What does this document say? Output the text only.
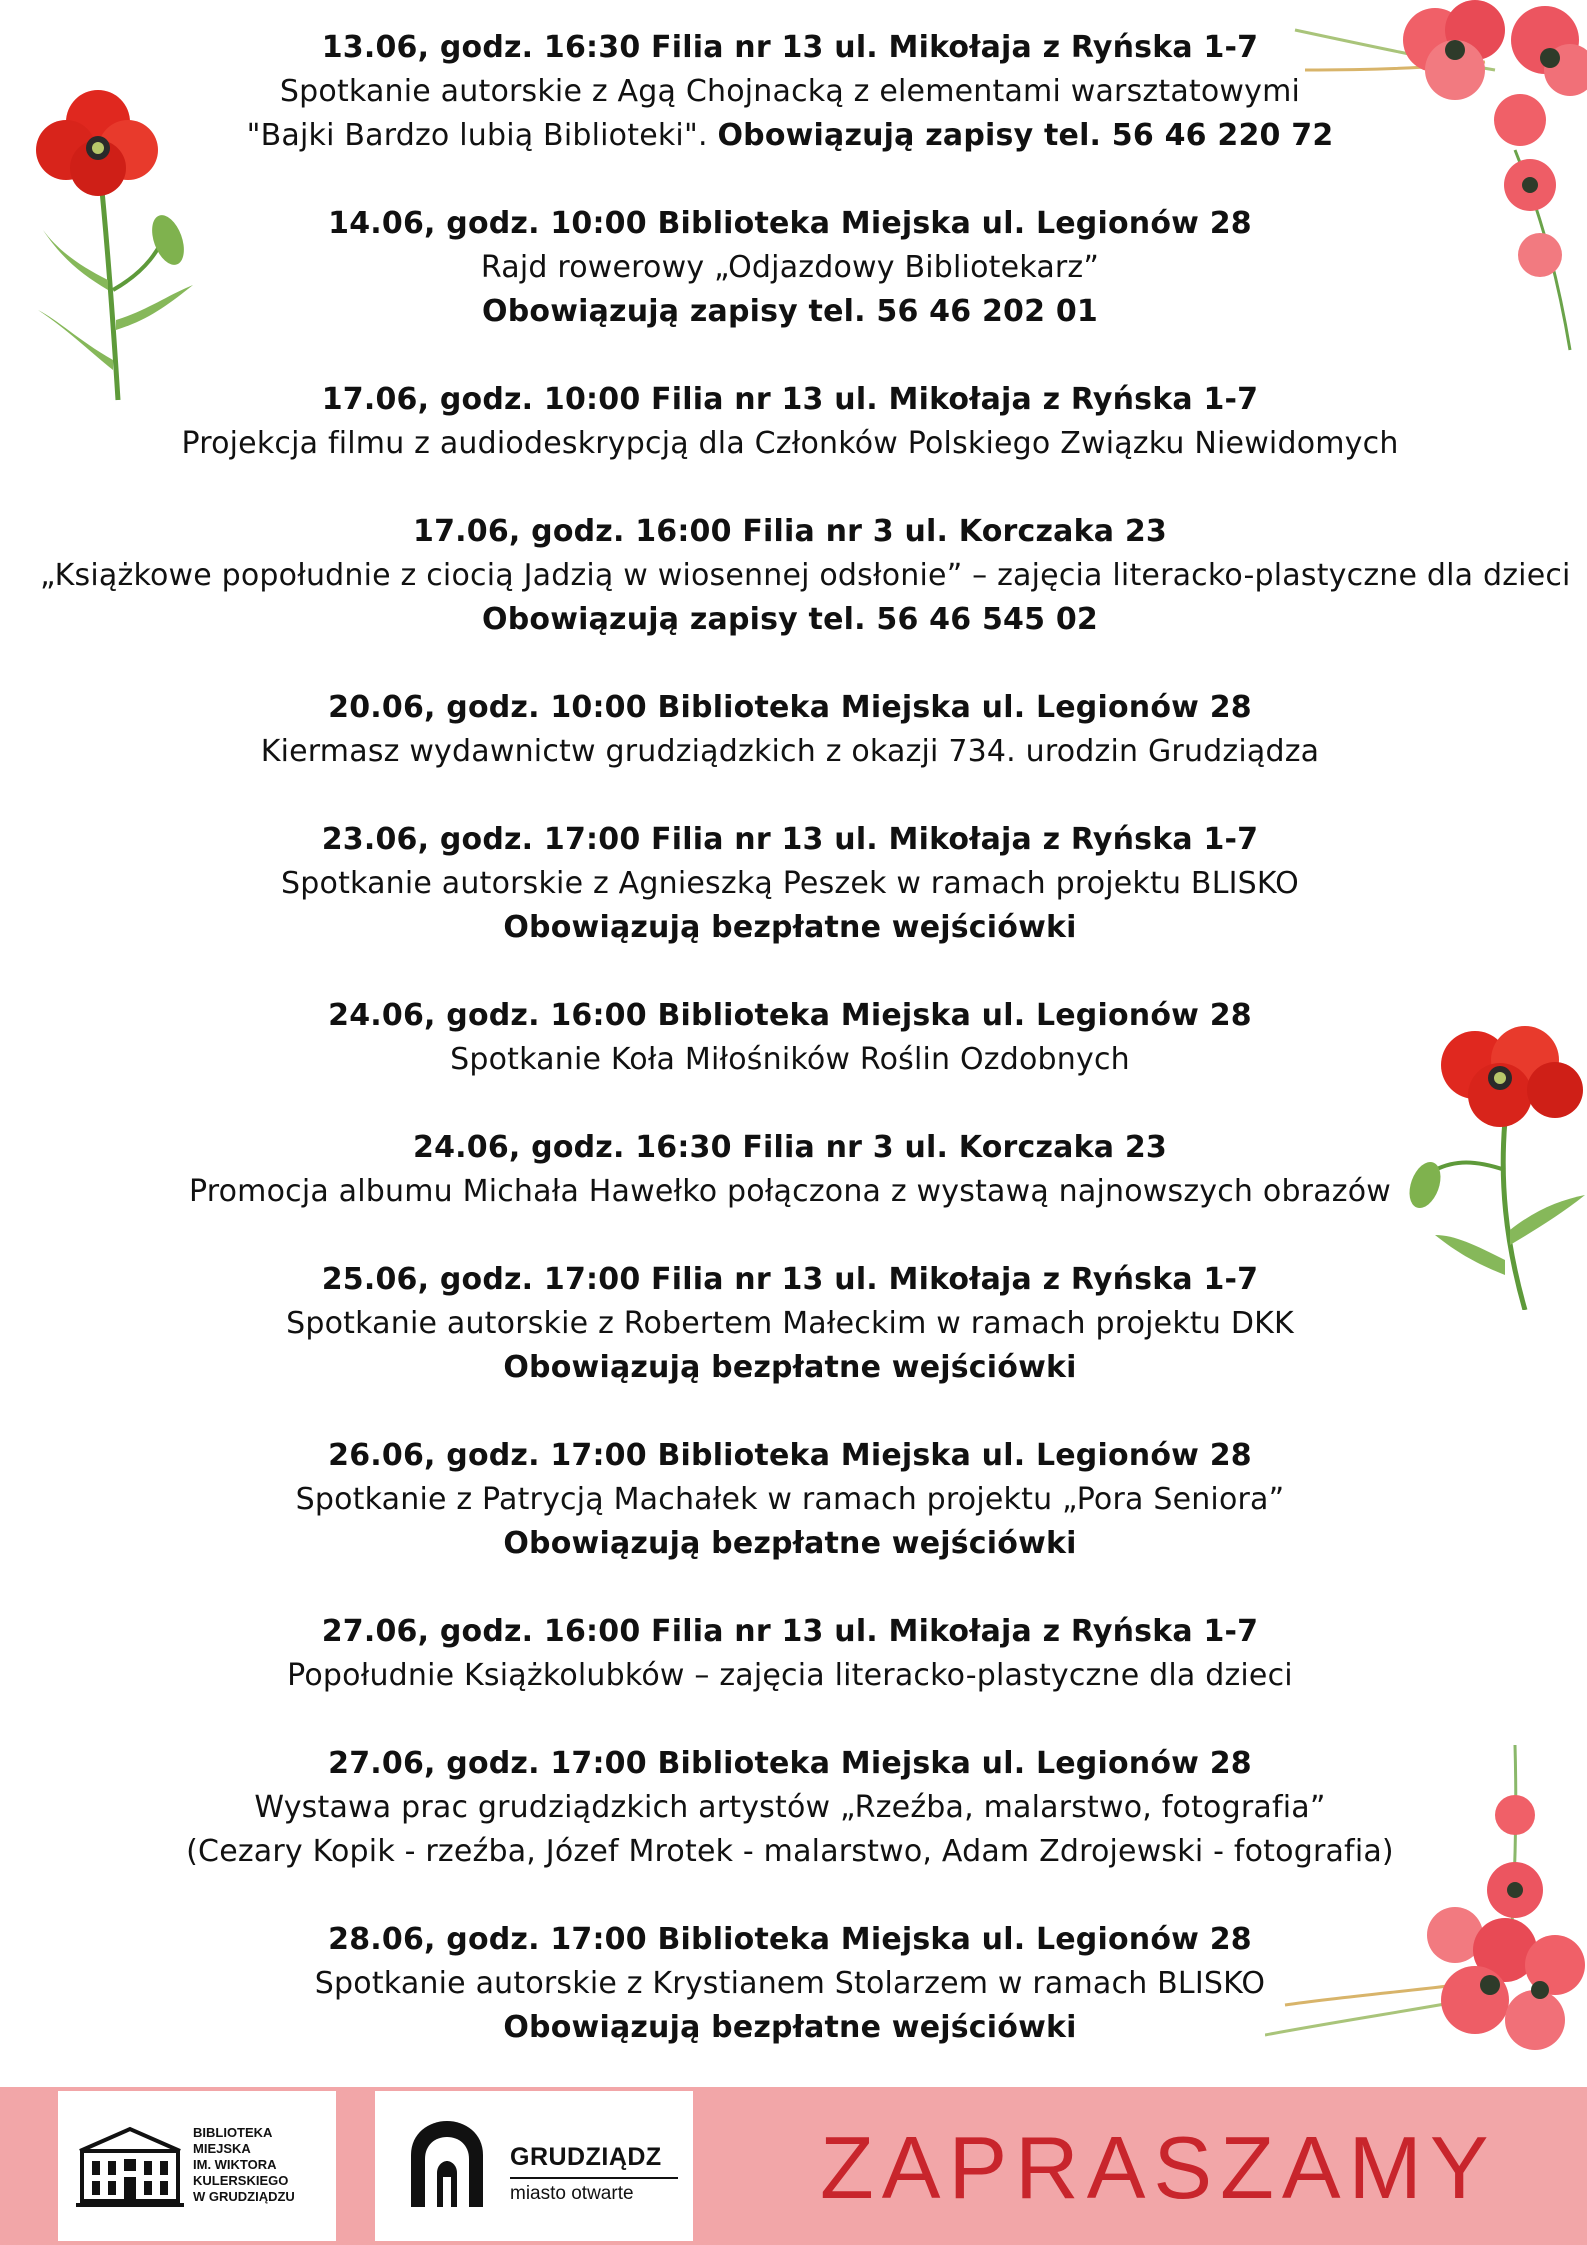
13.06, godz. 16:30 Filia nr 13 ul. Mikołaja z Ryńska 1-7

Spotkanie autorskie z Agą Chojnacką z elementami warsztatowymi

"Bajki Bardzo lubią Biblioteki". Obowiązują zapisy tel. 56 46 220 72

14.06, godz. 10:00 Biblioteka Miejska ul. Legionów 28

Rajd rowerowy „Odjazdowy Bibliotekarz”

Obowiązują zapisy tel. 56 46 202 01

17.06, godz. 10:00 Filia nr 13 ul. Mikołaja z Ryńska 1-7

Projekcja filmu z audiodeskrypcją dla Członków Polskiego Związku Niewidomych

17.06, godz. 16:00 Filia nr 3 ul. Korczaka 23

„Książkowe popołudnie z ciocią Jadzią w wiosennej odsłonie” – zajęcia literacko-plastyczne dla dzieci

Obowiązują zapisy tel. 56 46 545 02

20.06, godz. 10:00 Biblioteka Miejska ul. Legionów 28

Kiermasz wydawnictw grudziądzkich z okazji 734. urodzin Grudziądza

23.06, godz. 17:00 Filia nr 13 ul. Mikołaja z Ryńska 1-7

Spotkanie autorskie z Agnieszką Peszek w ramach projektu BLISKO

Obowiązują bezpłatne wejściówki

24.06, godz. 16:00 Biblioteka Miejska ul. Legionów 28

Spotkanie Koła Miłośników Roślin Ozdobnych

24.06, godz. 16:30 Filia nr 3 ul. Korczaka 23

Promocja albumu Michała Hawełko połączona z wystawą najnowszych obrazów

25.06, godz. 17:00 Filia nr 13 ul. Mikołaja z Ryńska 1-7

Spotkanie autorskie z Robertem Małeckim w ramach projektu DKK

Obowiązują bezpłatne wejściówki

26.06, godz. 17:00 Biblioteka Miejska ul. Legionów 28

Spotkanie z Patrycją Machałek w ramach projektu „Pora Seniora”

Obowiązują bezpłatne wejściówki

27.06, godz. 16:00 Filia nr 13 ul. Mikołaja z Ryńska 1-7

Popołudnie Książkolubków – zajęcia literacko-plastyczne dla dzieci

27.06, godz. 17:00 Biblioteka Miejska ul. Legionów 28

Wystawa prac grudziądzkich artystów „Rzeźba, malarstwo, fotografia”

(Cezary Kopik - rzeźba, Józef Mrotek - malarstwo, Adam Zdrojewski - fotografia)

28.06, godz. 17:00 Biblioteka Miejska ul. Legionów 28

Spotkanie autorskie z Krystianem Stolarzem w ramach BLISKO

Obowiązują bezpłatne wejściówki

BIBLIOTEKA
MIEJSKA
IM. WIKTORA
KULERSKIEGO
W GRUDZIĄDZU
GRUDZIĄDZ
miasto otwarte ZAPRASZAMY
